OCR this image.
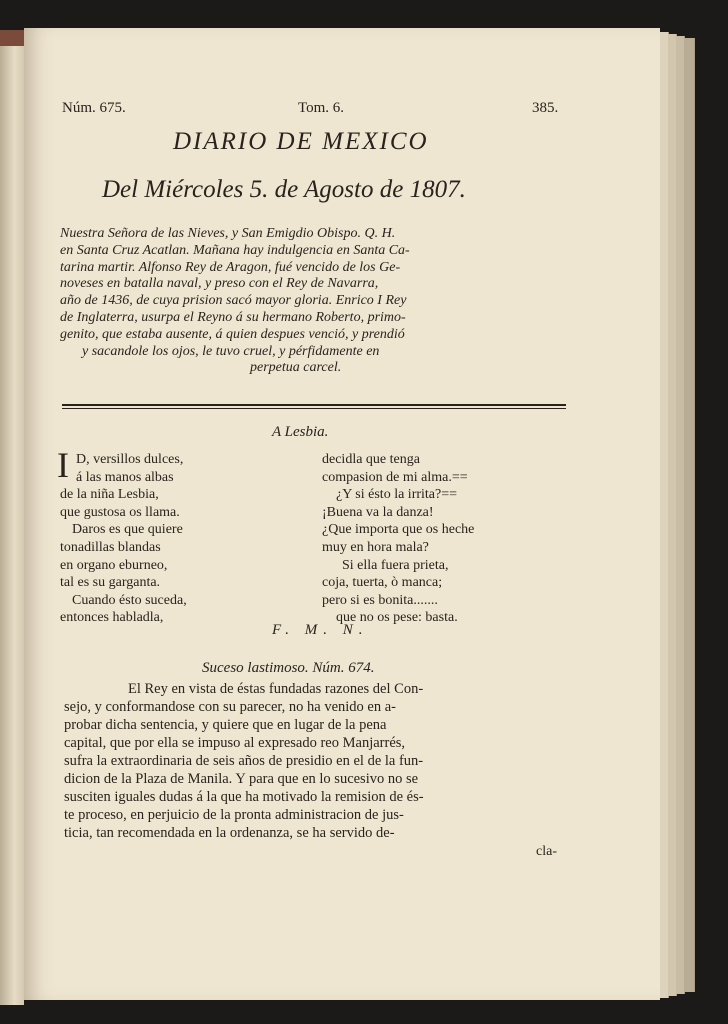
Núm. 675.	Tom. 6.	385.
DIARIO DE MEXICO
Del Miércoles 5. de Agosto de 1807.
Nuestra Señora de las Nieves, y San Emigdio Obispo. Q. H.
en Santa Cruz Acatlan. Mañana hay indulgencia en Santa Ca-
tarina martir. Alfonso Rey de Aragon, fué vencido de los Ge-
noveses en batalla naval, y preso con el Rey de Navarra,
año de 1436, de cuya prision sacó mayor gloria. Enrico I Rey
de Inglaterra, usurpa el Reyno á su hermano Roberto, primo-
genito, que estaba ausente, á quien despues venció, y prendió
y sacandole los ojos, le tuvo cruel, y pérfidamente en
perpetua carcel.
A Lesbia.
I D, versillos dulces,
á las manos albas
de la niña Lesbia,
que gustosa os llama.
Daros es que quiere
tonadillas blandas
en organo eburneo,
tal es su garganta.
Cuando ésto suceda,
entonces habladla,
decidla que tenga
compasion de mi alma.==
¿Y si ésto la irrita?==
¡Buena va la danza!
¿Que importa que os heche
muy en hora mala?
Si ella fuera prieta,
coja, tuerta, ò manca;
pero si es bonita.......
que no os pese: basta.
F. M. N.
Suceso lastimoso. Núm. 674.
El Rey en vista de éstas fundadas razones del Con-
sejo, y conformandose con su parecer, no ha venido en a-
probar dicha sentencia, y quiere que en lugar de la pena
capital, que por ella se impuso al expresado reo Manjarrés,
sufra la extraordinaria de seis años de presidio en el de la fun-
dicion de la Plaza de Manila. Y para que en lo sucesivo no se
susciten iguales dudas á la que ha motivado la remision de és-
te proceso, en perjuicio de la pronta administracion de jus-
ticia, tan recomendada en la ordenanza, se ha servido de-
cla-
